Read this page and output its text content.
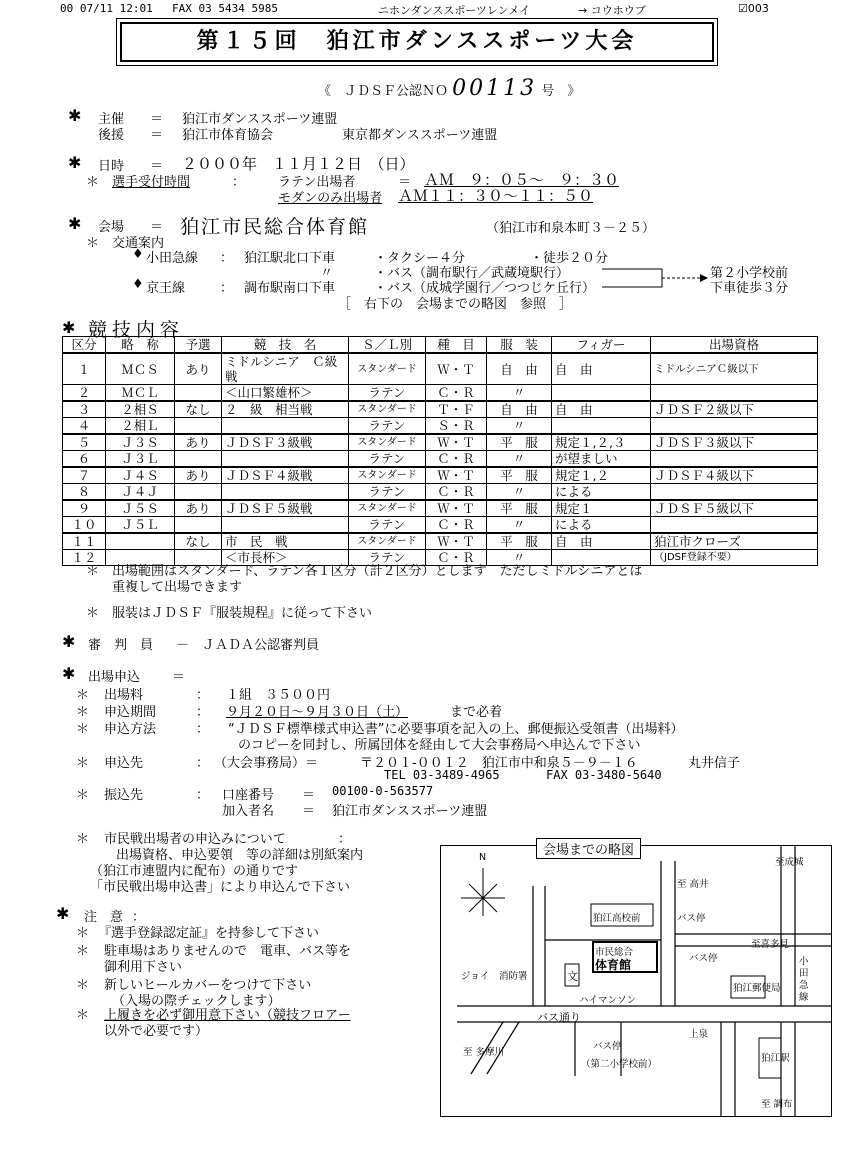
00 07/11 12:01 FAX 03 5434 5985	ニホンダンススポーツレンメイ	→ コウホウブ	☑003
第１５回　狛江市ダンススポーツ大会
《　ＪＤＳＦ公認ＮＯ 00113 号　》
✱ 主催 ＝ 狛江市ダンススポーツ連盟
後援 ＝ 狛江市体育協会	東京都ダンススポーツ連盟
✱ 日時 ＝ ２０００年　１１月１２日　（日）
＊ 選手受付時間	：	ラテン出場者	＝ ＡＭ　９：０５～　９：３０
モダンのみ出場者 ＡＭ１１：３０～１１：５０
✱ 会場 ＝ 狛江市民総合体育館	（狛江市和泉本町３－２５）
＊ 交通案内
♦ 小田急線 ： 狛江駅北口下車	・タクシー４分	・徒歩２０分
〃	・バス（調布駅行／武蔵境駅行）
♦ 京王線	： 調布駅南口下車	・バス（成城学園行／つつじケ丘行）
第２小学校前
下車徒歩３分
［　右下の　会場までの略図　参照　］
✱ 競技内容
区分	略　称	予選	競　技　名	Ｓ／Ｌ別	種　目	服　装	フィガー	出場資格
１	ＭＣＳ	あり	ミドルシニア　Ｃ級戦	スタンダード	Ｗ・Ｔ	自　由	自　由	ミドルシニアＣ級以下
２	ＭＣＬ		＜山口繁雄杯＞	ラテン	Ｃ・Ｒ	〃		
３	２相Ｓ	なし	２　級　相当戦	スタンダード	Ｔ・Ｆ	自　由	自　由	ＪＤＳＦ２級以下
４	２相Ｌ			ラテン	Ｓ・Ｒ	〃		
５	Ｊ３Ｓ	あり	ＪＤＳＦ３級戦	スタンダード	Ｗ・Ｔ	平　服	規定１,２,３	ＪＤＳＦ３級以下
６	Ｊ３Ｌ			ラテン	Ｃ・Ｒ	〃	が望ましい	
７	Ｊ４Ｓ	あり	ＪＤＳＦ４級戦	スタンダード	Ｗ・Ｔ	平　服	規定１,２	ＪＤＳＦ４級以下
８	Ｊ４Ｊ			ラテン	Ｃ・Ｒ	〃	による	
９	Ｊ５Ｓ	あり	ＪＤＳＦ５級戦	スタンダード	Ｗ・Ｔ	平　服	規定１	ＪＤＳＦ５級以下
１０	Ｊ５Ｌ			ラテン	Ｃ・Ｒ	〃	による	
１１		なし	市　民　戦	スタンダード	Ｗ・Ｔ	平　服	自　由	狛江市クローズ
１２			＜市長杯＞	ラテン	Ｃ・Ｒ	〃		（JDSF登録不要）
＊ 出場範囲はスタンダード、ラテン各１区分（計２区分）とします　ただしミドルシニアとは
重複して出場できます
＊ 服装はＪＤＳＦ『服装規程』に従って下さい
✱ 審　判　員 － ＪＡＤＡ公認審判員
✱ 出場申込 ＝
＊ 出場料	： １組　３５００円
＊ 申込期間	： ９月２０日～９月３０日（土）	まで必着
＊ 申込方法	： “ＪＤＳＦ標準様式申込書”に必要事項を記入の上、郵便振込受領書（出場料）
のコピーを同封し、所属団体を経由して大会事務局へ申込んで下さい
＊ 申込先	： （大会事務局）＝	〒２０１-００１２　狛江市中和泉５－９－１６	丸井信子
TEL 03-3489-4965	FAX 03-3480-5640
＊ 振込先	： 口座番号 ＝ 00100-0-563577
加入者名 ＝ 狛江市ダンススポーツ連盟
＊ 市民戦出場者の申込みについて	：
出場資格、申込要領　等の詳細は別紙案内
（狛江市連盟内に配布）の通りです
「市民戦出場申込書」により申込んで下さい
✱ 注　意 ：
＊ 『選手登録認定証』を持参して下さい
＊ 駐車場はありませんので　電車、バス等を
御利用下さい
＊ 新しいヒールカバーをつけて下さい
（入場の際チェックします）
＊ 上履きを必ず御用意下さい（競技フロアー
以外で必要です）
会場までの略図
N	至成城
至 高井
狛江高校前	バス停
バス停
市民総合
体育館
至喜多見
小田急線
ジョイ	文
ハイマンソン
消防署
バス通り
上泉
バス停
（第二小学校前）
狛江郵便局
狛江駅
至 多摩川
至 調布
